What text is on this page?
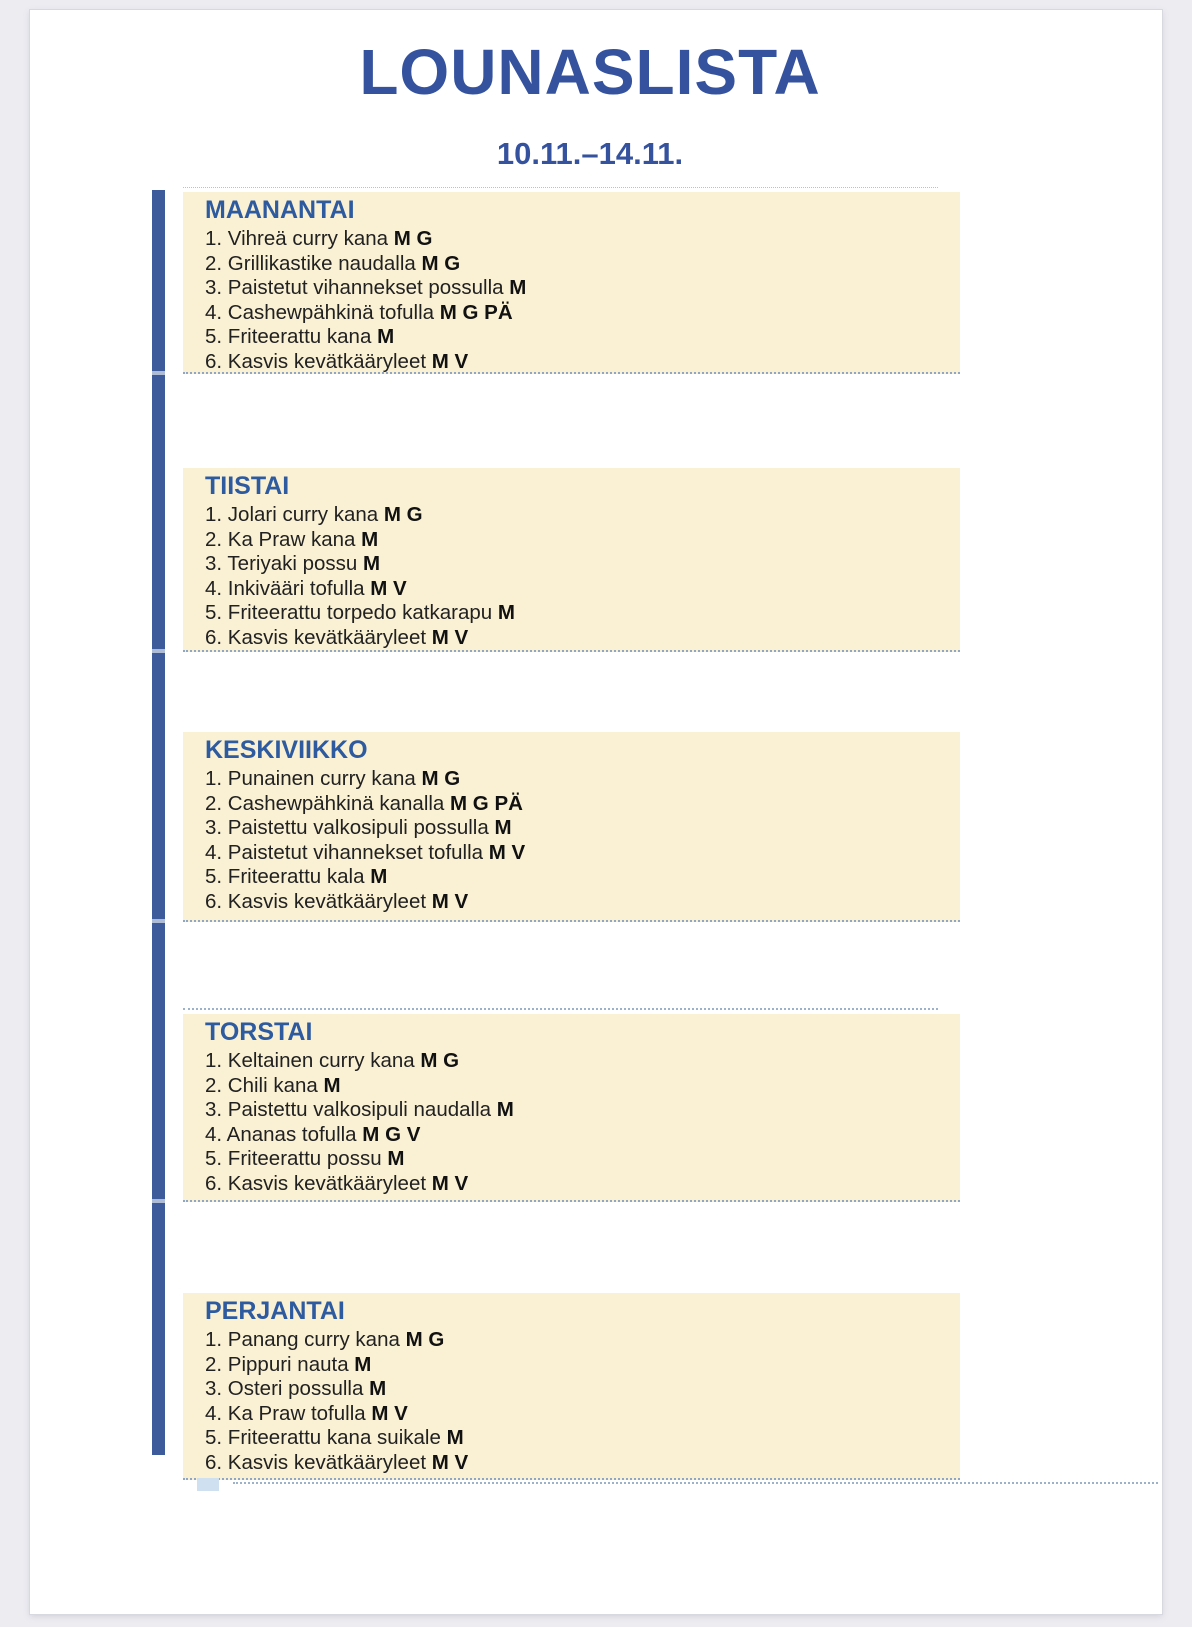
LOUNASLISTA
10.11.–14.11.
MAANANTAI
1. Vihreä curry kana M G
2. Grillikastike naudalla M G
3. Paistetut vihannekset possulla M
4. Cashewpähkinä tofulla M G PÄ
5. Friteerattu kana M
6. Kasvis kevätkääryleet M V
TIISTAI
1. Jolari curry kana M G
2. Ka Praw kana M
3. Teriyaki possu M
4. Inkivääri tofulla M V
5. Friteerattu torpedo katkarapu M
6. Kasvis kevätkääryleet M V
KESKIVIIKKO
1. Punainen curry kana M G
2. Cashewpähkinä kanalla M G PÄ
3. Paistettu valkosipuli possulla M
4. Paistetut vihannekset tofulla M V
5. Friteerattu kala M
6. Kasvis kevätkääryleet M V
TORSTAI
1. Keltainen curry kana M G
2. Chili kana M
3. Paistettu valkosipuli naudalla M
4. Ananas tofulla M G V
5. Friteerattu possu M
6. Kasvis kevätkääryleet M V
PERJANTAI
1. Panang curry kana M G
2. Pippuri nauta M
3. Osteri possulla M
4. Ka Praw tofulla M V
5. Friteerattu kana suikale M
6. Kasvis kevätkääryleet M V
